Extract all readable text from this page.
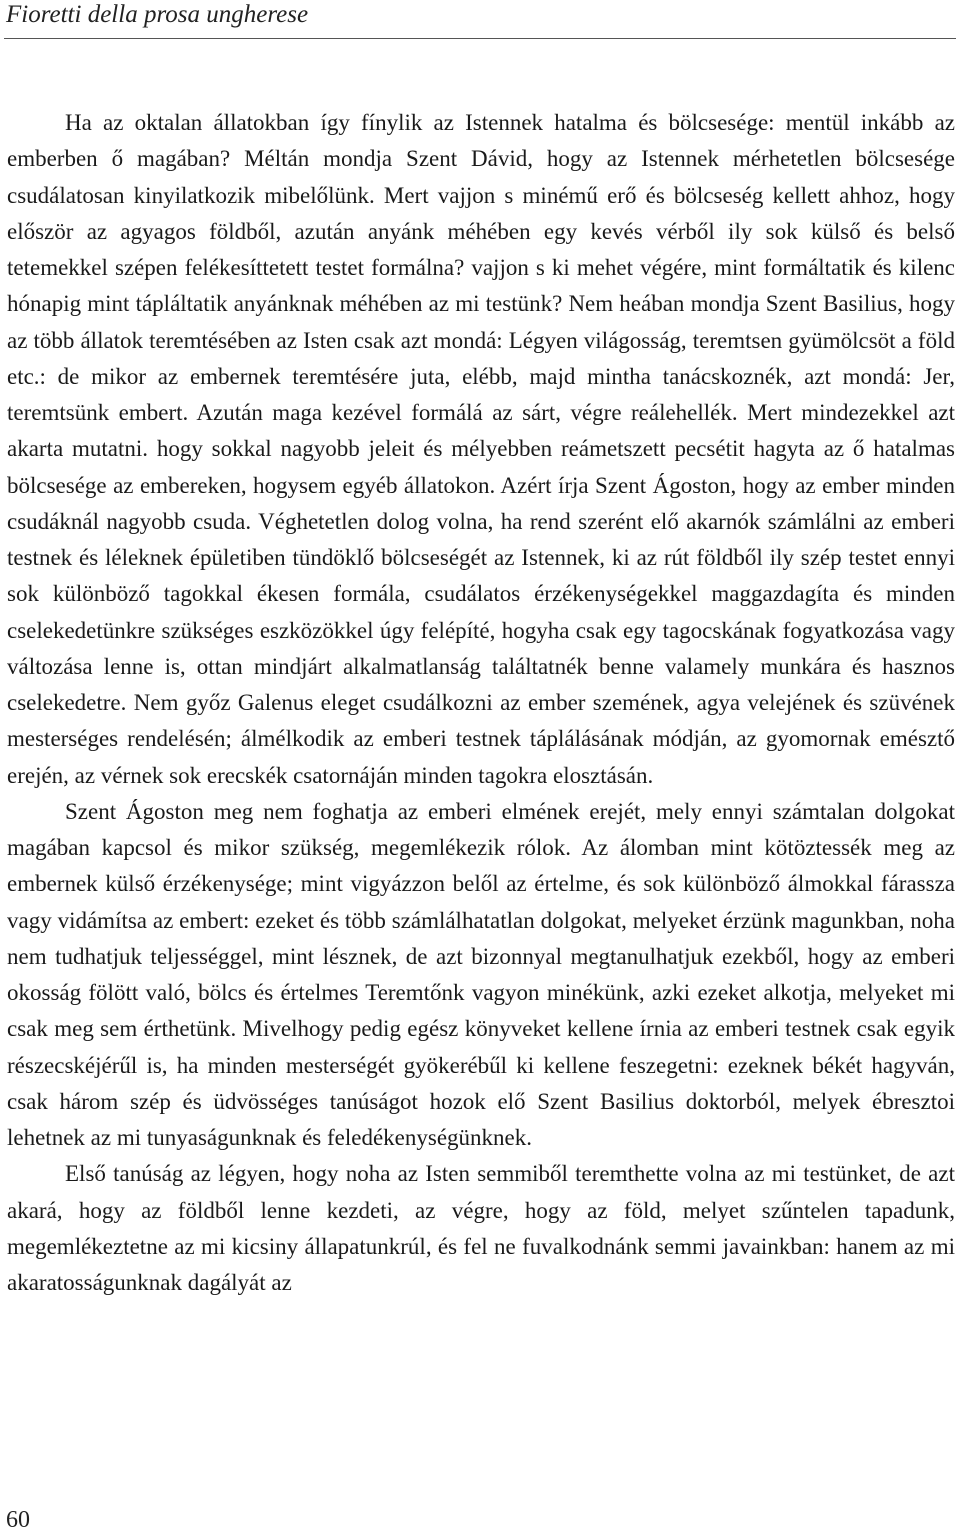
Fioretti della prosa ungherese

Ha az oktalan állatokban így fínylik az Istennek hatalma és bölcsesége: mentül inkább az emberben ő magában? Méltán mondja Szent Dávid, hogy az Istennek mérhetetlen bölcsesége csudálatosan kinyilatkozik mibelőlünk. Mert vajjon s minémű erő és bölcseség kellett ahhoz, hogy először az agyagos földből, azután anyánk méhében egy kevés vérből ily sok külső és belső tetemekkel szépen felékesíttetett testet formálna? vajjon s ki mehet végére, mint formáltatik és kilenc hónapig mint tápláltatik anyánknak méhében az mi testünk? Nem heában mondja Szent Basilius, hogy az több állatok teremtésében az Isten csak azt mondá: Légyen világosság, teremtsen gyümölcsöt a föld etc.: de mikor az embernek teremtésére juta, elébb, majd mintha tanácskoznék, azt mondá: Jer, teremtsünk embert. Azután maga kezével formálá az sárt, végre reálehellék. Mert mindezekkel azt akarta mutatni. hogy sokkal nagyobb jeleit és mélyebben reámetszett pecsétit hagyta az ő hatalmas bölcsesége az embereken, hogysem egyéb állatokon. Azért írja Szent Ágoston, hogy az ember minden csudáknál nagyobb csuda. Véghetetlen dolog volna, ha rend szerént elő akarnók számlálni az emberi testnek és léleknek épületiben tündöklő bölcseségét az Istennek, ki az rút földből ily szép testet ennyi sok különböző tagokkal ékesen formála, csudálatos érzékenységekkel maggazdagíta és minden cselekedetünkre szükséges eszközökkel úgy felépíté, hogyha csak egy tagocskának fogyatkozása vagy változása lenne is, ottan mindjárt alkalmatlanság találtatnék benne valamely munkára és hasznos cselekedetre. Nem győz Galenus eleget csudálkozni az ember szemének, agya velejének és szüvének mesterséges rendelésén; álmélkodik az emberi testnek táplálásának módján, az gyomornak emésztő erején, az vérnek sok erecskék csatornáján minden tagokra elosztásán.

Szent Ágoston meg nem foghatja az emberi elmének erejét, mely ennyi számtalan dolgokat magában kapcsol és mikor szükség, megemlékezik rólok. Az álomban mint kötöztessék meg az embernek külső érzékenysége; mint vigyázzon belől az értelme, és sok különböző álmokkal fárassza vagy vidámítsa az embert: ezeket és több számlálhatatlan dolgokat, melyeket érzünk magunkban, noha nem tudhatjuk teljességgel, mint lésznek, de azt bizonnyal megtanulhatjuk ezekből, hogy az emberi okosság fölött való, bölcs és értelmes Teremtőnk vagyon minékünk, azki ezeket alkotja, melyeket mi csak meg sem érthetünk. Mivelhogy pedig egész könyveket kellene írnia az emberi testnek csak egyik részecskéjérűl is, ha minden mesterségét gyökerébűl ki kellene feszegetni: ezeknek békét hagyván, csak három szép és üdvösséges tanúságot hozok elő Szent Basilius doktorból, melyek ébresztoi lehetnek az mi tunyaságunknak és feledékenységünknek.

Első tanúság az légyen, hogy noha az Isten semmiből teremthette volna az mi testünket, de azt akará, hogy az földből lenne kezdeti, az végre, hogy az föld, melyet szűntelen tapadunk, megemlékeztetne az mi kicsiny állapatunkrúl, és fel ne fuvalkodnánk semmi javainkban: hanem az mi akaratosságunknak dagályát az

60
